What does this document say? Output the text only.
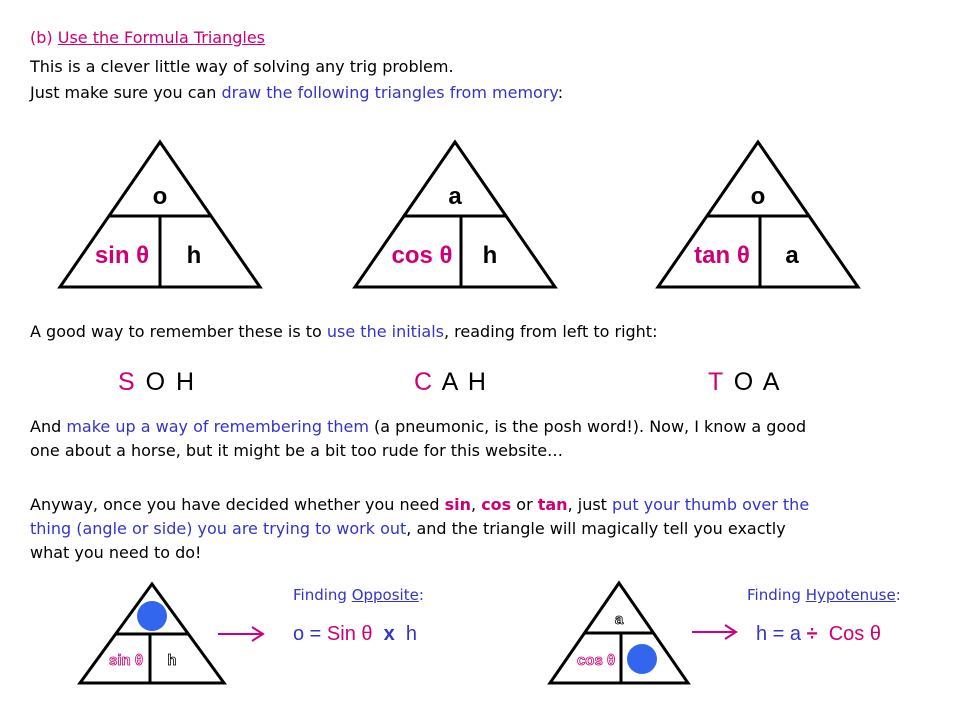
(b) Use the Formula Triangles
This is a clever little way of solving any trig problem.
Just make sure you can draw the following triangles from memory:
o
sin θ h
a
cos θ h
o
tan θ a
sin θ h
a
cos θ
A good way to remember these is to use the initials, reading from left to right:
S O H	C A H	T O A
And make up a way of remembering them (a pneumonic, is the posh word!). Now, I know a good
one about a horse, but it might be a bit too rude for this website…
Anyway, once you have decided whether you need sin, cos or tan, just put your thumb over the
thing (angle or side) you are trying to work out, and the triangle will magically tell you exactly
what you need to do!
Finding Opposite:
o = Sin θ x h
Finding Hypotenuse:
h = a ÷ Cos θ
